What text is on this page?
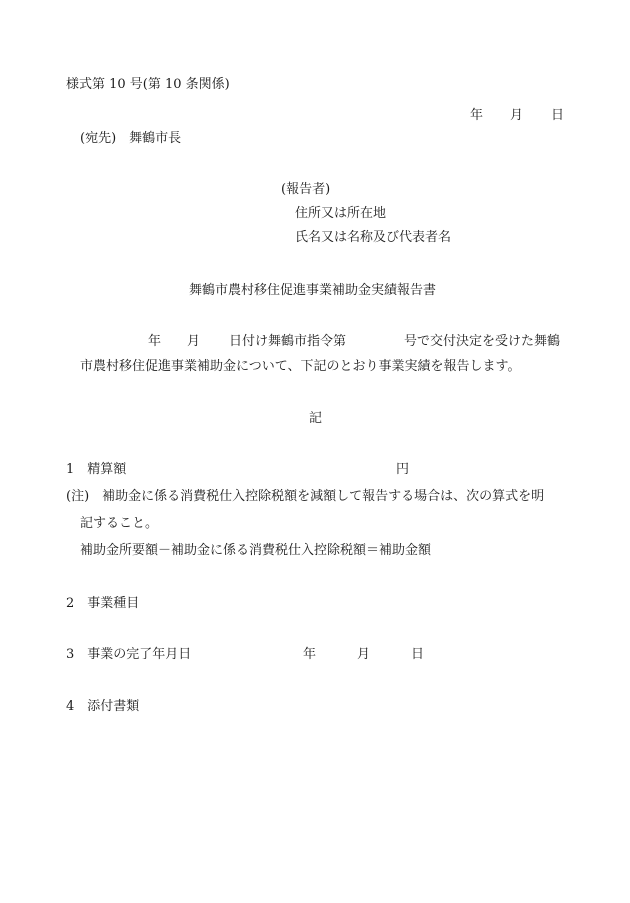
様式第 10 号(第 10 条関係)
年 月 日
(宛先)　舞鶴市長
(報告者)
住所又は所在地
氏名又は名称及び代表者名
舞鶴市農村移住促進事業補助金実績報告書
年 月 日付け舞鶴市指令第	号で交付決定を受けた舞鶴
市農村移住促進事業補助金について、下記のとおり事業実績を報告します。
記
1　精算額	円
(注)　補助金に係る消費税仕入控除税額を減額して報告する場合は、次の算式を明
記すること。
補助金所要額－補助金に係る消費税仕入控除税額＝補助金額
2　事業種目
3　事業の完了年月日	年	月	日
4　添付書類
